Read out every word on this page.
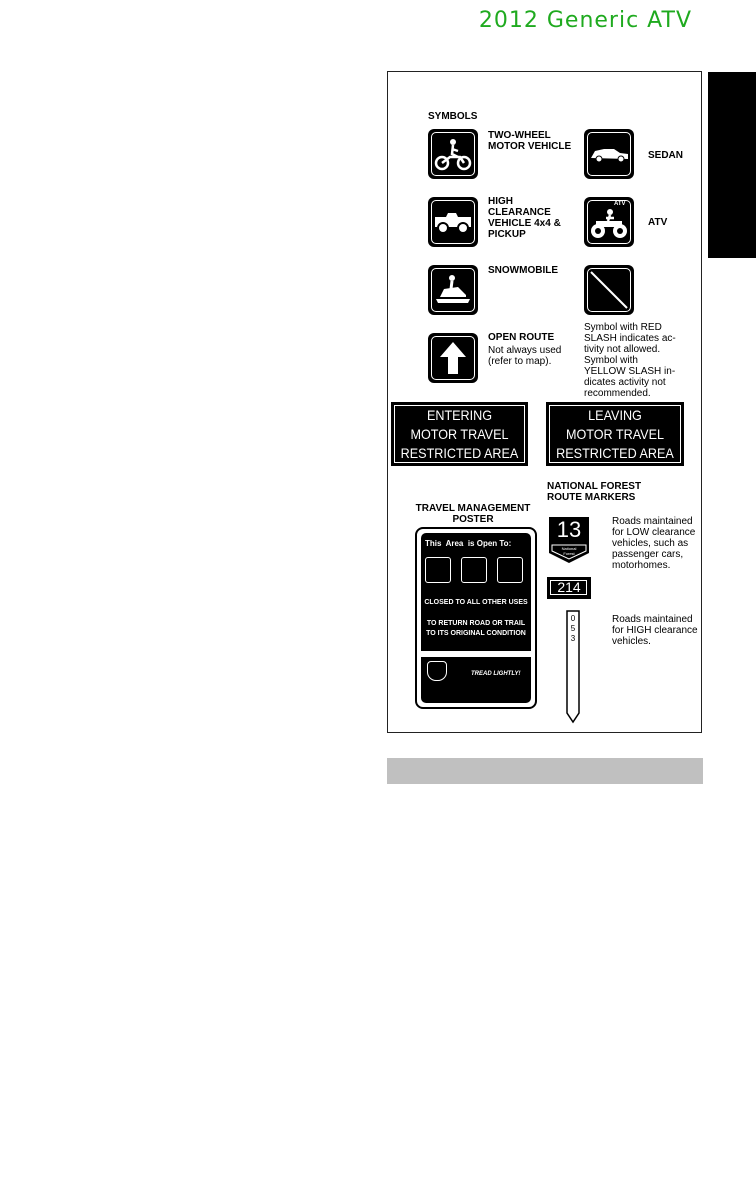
2012 Generic ATV
SYMBOLS
TWO-WHEEL
MOTOR VEHICLE
SEDAN
HIGH
CLEARANCE
VEHICLE 4x4 &
PICKUP
ATV
ATV
SNOWMOBILE
Symbol with RED
SLASH indicates ac-
tivity not allowed.
Symbol with
YELLOW SLASH in-
dicates activity not
recommended.
OPEN ROUTE
Not always used
(refer to map).
ENTERING
MOTOR TRAVEL
RESTRICTED AREA
LEAVING
MOTOR TRAVEL
RESTRICTED AREA
NATIONAL FOREST
ROUTE MARKERS
TRAVEL MANAGEMENT
POSTER
This  Area  is Open To:
CLOSED TO ALL OTHER USES
TO RETURN ROAD OR TRAIL
TO ITS ORIGINAL CONDITION
TREAD LIGHTLY!
13
National
Forest
Roads maintained
for LOW clearance
vehicles, such as
passenger cars,
motorhomes.
214
0
5
3
Roads maintained
for HIGH clearance
vehicles.
